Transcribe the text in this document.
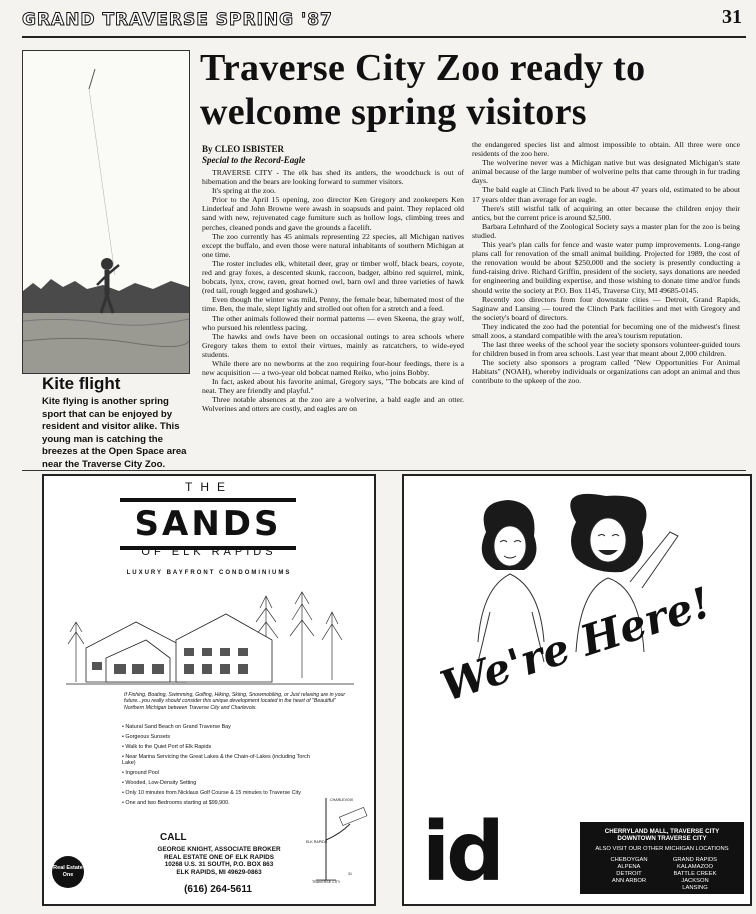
GRAND TRAVERSE SPRING '87	31
Kite flight
Kite flying is another spring sport that can be enjoyed by resident and visitor alike. This young man is catching the breezes at the Open Space area near the Traverse City Zoo.
Traverse City Zoo ready to welcome spring visitors
By CLEO ISBISTER
Special to the Record-Eagle

TRAVERSE CITY - The elk has shed its antlers, the woodchuck is out of hibernation and the bears are looking forward to summer visitors.

It's spring at the zoo.

Prior to the April 15 opening, zoo director Ken Gregory and zookeepers Ken Linderleaf and John Browne were awash in soapsuds and paint. They replaced old sand with new, rejuvenated cage furniture such as hollow logs, climbing trees and perches, cleaned ponds and gave the grounds a facelift.

The zoo currently has 45 animals representing 22 species, all Michigan natives except the buffalo, and even those were natural inhabitants of southern Michigan at one time.

The roster includes elk, whitetail deer, gray or timber wolf, black bears, coyote, red and gray foxes, a descented skunk, raccoon, badger, albino red squirrel, mink, bobcats, lynx, crow, raven, great horned owl, barn owl and three varieties of hawk (red tail, rough legged and goshawk.)

Even though the winter was mild, Penny, the female bear, hibernated most of the time. Ben, the male, slept lightly and strolled out often for a stretch and a feed.

The other animals followed their normal patterns — even Skeena, the gray wolf, who pursued his relentless pacing.

The hawks and owls have been on occasional outings to area schools where Gregory takes them to extol their virtues, mainly as ratcatchers, to wide-eyed students.

While there are no newborns at the zoo requiring four-hour feedings, there is a new acquisition — a two-year old bobcat named Reiko, who joins Bobby.

In fact, asked about his favorite animal, Gregory says, "The bobcats are kind of neat. They are friendly and playful."

Three notable absences at the zoo are a wolverine, a bald eagle and an otter. Wolverines and otters are costly, and eagles are on

the endangered species list and almost impossible to obtain. All three were once residents of the zoo here.

The wolverine never was a Michigan native but was designated Michigan's state animal because of the large number of wolverine pelts that came through in fur trading days.

The bald eagle at Clinch Park lived to be about 47 years old, estimated to be about 17 years older than average for an eagle.

There's still wistful talk of acquiring an otter because the children enjoy their antics, but the current price is around $2,500.

Barbara Lehnhard of the Zoological Society says a master plan for the zoo is being studied.

This year's plan calls for fence and waste water pump improvements. Long-range plans call for renovation of the small animal building. Projected for 1989, the cost of the renovation would be about $250,000 and the society is presently conducting a fund-raising drive. Richard Griffin, president of the society, says donations are needed for engineering and building expertise, and those wishing to donate time and/or funds should write the society at P.O. Box 1145, Traverse City, MI 49685-0145.

Recently zoo directors from four downstate cities — Detroit, Grand Rapids, Saginaw and Lansing — toured the Clinch Park facilities and met with Gregory and the society's board of directors.

They indicated the zoo had the potential for becoming one of the midwest's finest small zoos, a standard compatible with the area's tourism reputation.

The last three weeks of the school year the society sponsors volunteer-guided tours for children bused in from area schools. Last year that meant about 2,000 children.

The society also sponsors a program called "New Opportunities For Animal Habitats" (NOAH), whereby individuals or organizations can adopt an animal and thus contribute to the upkeep of the zoo.

THE
SANDS
OF ELK RAPIDS
LUXURY BAYFRONT CONDOMINIUMS
If Fishing, Boating, Swimming, Golfing, Hiking, Skiing, Snowmobiling, or Just relaxing are in your future...you really should consider this unique development located in the heart of "Beautiful" Northern Michigan between Traverse City and Charlevoix.
• Natural Sand Beach on Grand Traverse Bay
• Gorgeous Sunsets
• Walk to the Quiet Port of Elk Rapids
• Near Marina Servicing the Great Lakes & the Chain-of-Lakes (including Torch Lake)
• Inground Pool
• Wooded, Low-Density Setting
• Only 10 minutes from Nicklaus Golf Course & 15 minutes to Traverse City
• One and two Bedrooms starting at $99,900.
Real Estate One
CALL
GEORGE KNIGHT, ASSOCIATE BROKER
REAL ESTATE ONE OF ELK RAPIDS
10268 U.S. 31 SOUTH, P.O. BOX 863
ELK RAPIDS, MI 49629-0863
(616) 264-5611
CHARLEVOIX
ELK RAPIDS
TRAVERSE CITY
31
We're Here!
id	CHERRYLAND MALL, TRAVERSE CITY
DOWNTOWN TRAVERSE CITY
ALSO VISIT OUR OTHER MICHIGAN LOCATIONS
CHEBOYGAN	GRAND RAPIDS
ALPENA	KALAMAZOO
DETROIT	BATTLE CREEK
ANN ARBOR	JACKSON
LANSING
